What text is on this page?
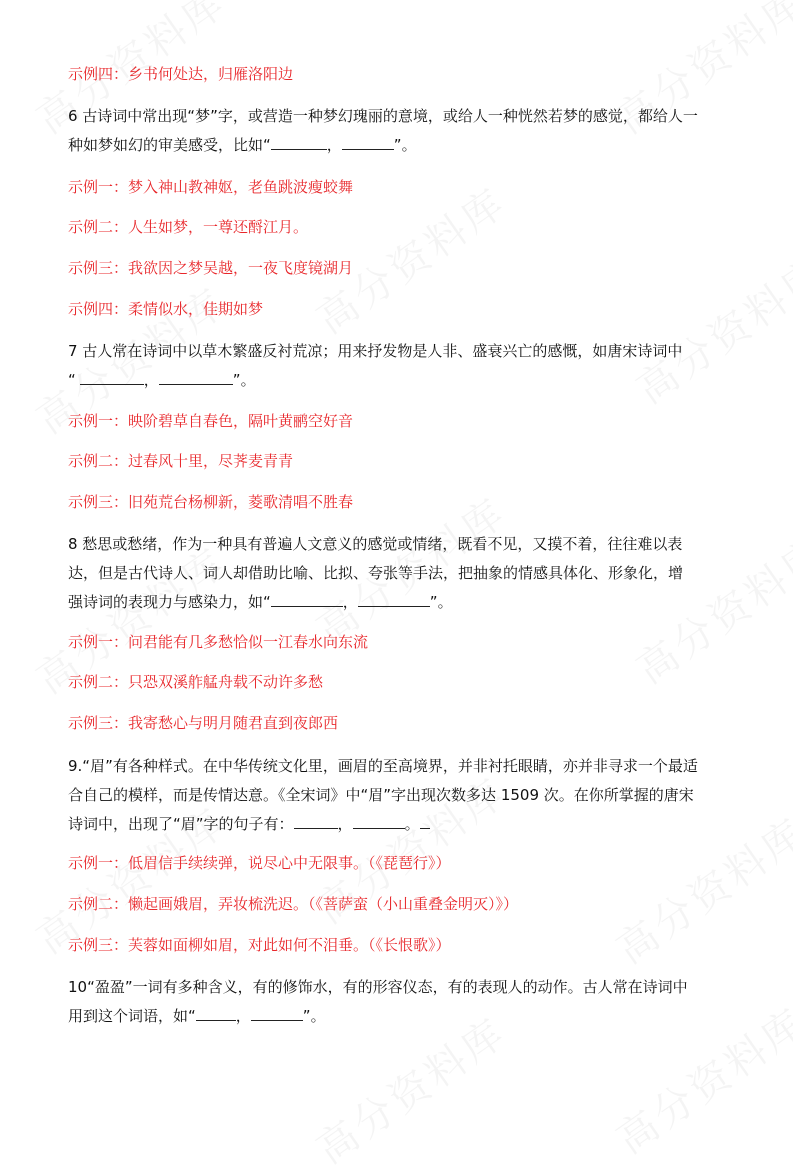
示例四：乡书何处达，归雁洛阳边
6 古诗词中常出现“梦”字，或营造一种梦幻瑰丽的意境，或给人一种恍然若梦的感觉，都给人一
种如梦如幻的审美感受，比如“	，	”。
示例一：梦入神山教神妪，老鱼跳波瘦蛟舞
示例二：人生如梦，一尊还酹江月。
示例三：我欲因之梦吴越，一夜飞度镜湖月
示例四：柔情似水，佳期如梦
7 古人常在诗词中以草木繁盛反衬荒凉；用来抒发物是人非、盛衰兴亡的感慨，如唐宋诗词中
“	，	”。
示例一：映阶碧草自春色，隔叶黄鹂空好音
示例二：过春风十里，尽荠麦青青
示例三：旧苑荒台杨柳新，菱歌清唱不胜春
8 愁思或愁绪，作为一种具有普遍人文意义的感觉或情绪，既看不见，又摸不着，往往难以表
达，但是古代诗人、词人却借助比喻、比拟、夸张等手法，把抽象的情感具体化、形象化，增
强诗词的表现力与感染力，如“	，	”。
示例一：问君能有几多愁恰似一江春水向东流
示例二：只恐双溪舴艋舟载不动许多愁
示例三：我寄愁心与明月随君直到夜郎西
9.“眉”有各种样式。在中华传统文化里，画眉的至高境界，并非衬托眼睛，亦并非寻求一个最适
合自己的模样，而是传情达意。《全宋词》中“眉”字出现次数多达 1509 次。在你所掌握的唐宋
诗词中，出现了“眉”字的句子有：	，	。
示例一：低眉信手续续弹，说尽心中无限事。（《琵琶行》）
示例二：懒起画娥眉，弄妆梳洗迟。（《菩萨蛮（小山重叠金明灭）》）
示例三：芙蓉如面柳如眉，对此如何不泪垂。（《长恨歌》）
10“盈盈”一词有多种含义，有的修饰水，有的形容仪态，有的表现人的动作。古人常在诗词中
用到这个词语，如“	，	”。
